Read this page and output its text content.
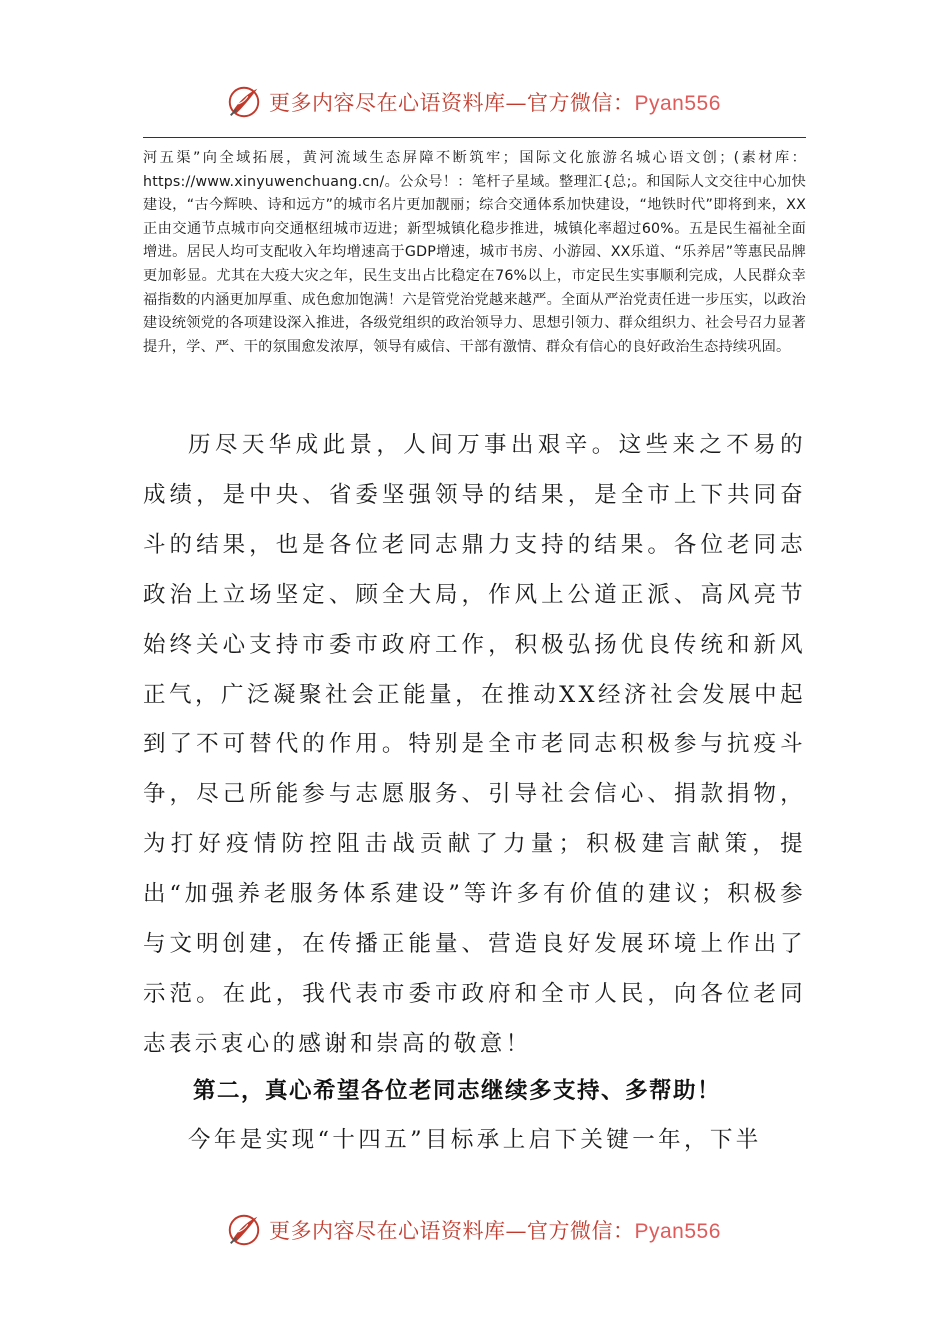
更多内容尽在心语资料库—官方微信：Pyan556
河五渠”向全域拓展，黄河流域生态屏障不断筑牢；国际文化旅游名城心语文创；(素材库：https://www.xinyuwenchuang.cn/。公众号！：笔杆子星域。整理汇{总;。和国际人文交往中心加快建设，“古今辉映、诗和远方”的城市名片更加靓丽；综合交通体系加快建设，“地铁时代”即将到来，XX正由交通节点城市向交通枢纽城市迈进；新型城镇化稳步推进，城镇化率超过60%。五是民生福祉全面增进。居民人均可支配收入年均增速高于GDP增速，城市书房、小游园、XX乐道、“乐养居”等惠民品牌更加彰显。尤其在大疫大灾之年，民生支出占比稳定在76%以上，市定民生实事顺利完成，人民群众幸福指数的内涵更加厚重、成色愈加饱满！六是管党治党越来越严。全面从严治党责任进一步压实，以政治建设统领党的各项建设深入推进，各级党组织的政治领导力、思想引领力、群众组织力、社会号召力显著提升，学、严、干的氛围愈发浓厚，领导有威信、干部有激情、群众有信心的良好政治生态持续巩固。
历尽天华成此景，人间万事出艰辛。这些来之不易的成绩，是中央、省委坚强领导的结果，是全市上下共同奋斗的结果，也是各位老同志鼎力支持的结果。各位老同志政治上立场坚定、顾全大局，作风上公道正派、高风亮节始终关心支持市委市政府工作，积极弘扬优良传统和新风正气，广泛凝聚社会正能量，在推动XX经济社会发展中起到了不可替代的作用。特别是全市老同志积极参与抗疫斗争，尽己所能参与志愿服务、引导社会信心、捐款捐物，为打好疫情防控阻击战贡献了力量；积极建言献策，提出“加强养老服务体系建设”等许多有价值的建议；积极参与文明创建，在传播正能量、营造良好发展环境上作出了示范。在此，我代表市委市政府和全市人民，向各位老同志表示衷心的感谢和崇高的敬意！
第二，真心希望各位老同志继续多支持、多帮助！
今年是实现“十四五”目标承上启下关键一年，下半
更多内容尽在心语资料库—官方微信：Pyan556
